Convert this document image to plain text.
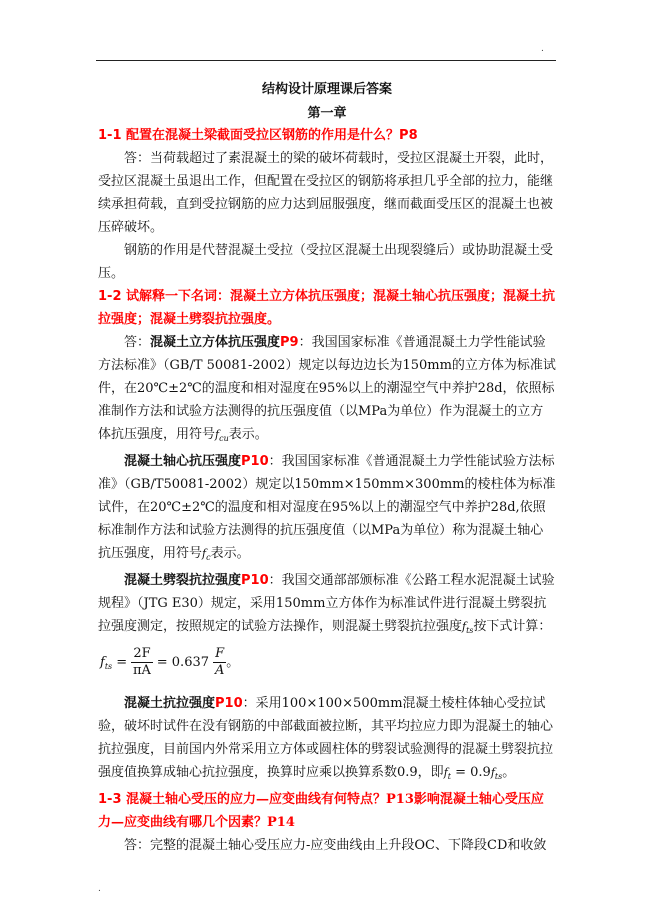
.
结构设计原理课后答案
第一章

1-1 配置在混凝土梁截面受拉区钢筋的作用是什么？P8

答：当荷载超过了素混凝土的梁的破坏荷载时，受拉区混凝土开裂，此时，受拉区混凝土虽退出工作，但配置在受拉区的钢筋将承担几乎全部的拉力，能继续承担荷载，直到受拉钢筋的应力达到屈服强度，继而截面受压区的混凝土也被压碎破坏。

钢筋的作用是代替混凝土受拉（受拉区混凝土出现裂缝后）或协助混凝土受压。

1-2 试解释一下名词：混凝土立方体抗压强度；混凝土轴心抗压强度；混凝土抗拉强度；混凝土劈裂抗拉强度。

答：混凝土立方体抗压强度P9：我国国家标准《普通混凝土力学性能试验方法标准》（GB/T 50081-2002）规定以每边边长为150mm的立方体为标准试件，在20℃±2℃的温度和相对湿度在95%以上的潮湿空气中养护28d，依照标准制作方法和试验方法测得的抗压强度值（以MPa为单位）作为混凝土的立方体抗压强度，用符号$f_{cu}$表示。

混凝土轴心抗压强度P10：我国国家标准《普通混凝土力学性能试验方法标准》（GB/T50081-2002）规定以150mm×150mm×300mm的棱柱体为标准试件，在20℃±2℃的温度和相对湿度在95%以上的潮湿空气中养护28d,依照标准制作方法和试验方法测得的抗压强度值（以MPa为单位）称为混凝土轴心抗压强度，用符号$f_c$表示。

混凝土劈裂抗拉强度P10：我国交通部部颁标准《公路工程水泥混凝土试验规程》（JTG E30）规定，采用150mm立方体作为标准试件进行混凝土劈裂抗拉强度测定，按照规定的试验方法操作，则混凝土劈裂抗拉强度$f_{ts}$按下式计算：

$f_{ts} = \frac{2F}{\pi A} = 0.637 \frac{F}{A}$ 。

混凝土抗拉强度P10：采用100×100×500mm混凝土棱柱体轴心受拉试验，破坏时试件在没有钢筋的中部截面被拉断，其平均拉应力即为混凝土的轴心抗拉强度，目前国内外常采用立方体或圆柱体的劈裂试验测得的混凝土劈裂抗拉强度值换算成轴心抗拉强度，换算时应乘以换算系数0.9，即$f_t = 0.9f_{ts}$。

1-3 混凝土轴心受压的应力—应变曲线有何特点？P13影响混凝土轴心受压应力—应变曲线有哪几个因素？P14

答：完整的混凝土轴心受压应力-应变曲线由上升段OC、下降段CD和收敛

.
